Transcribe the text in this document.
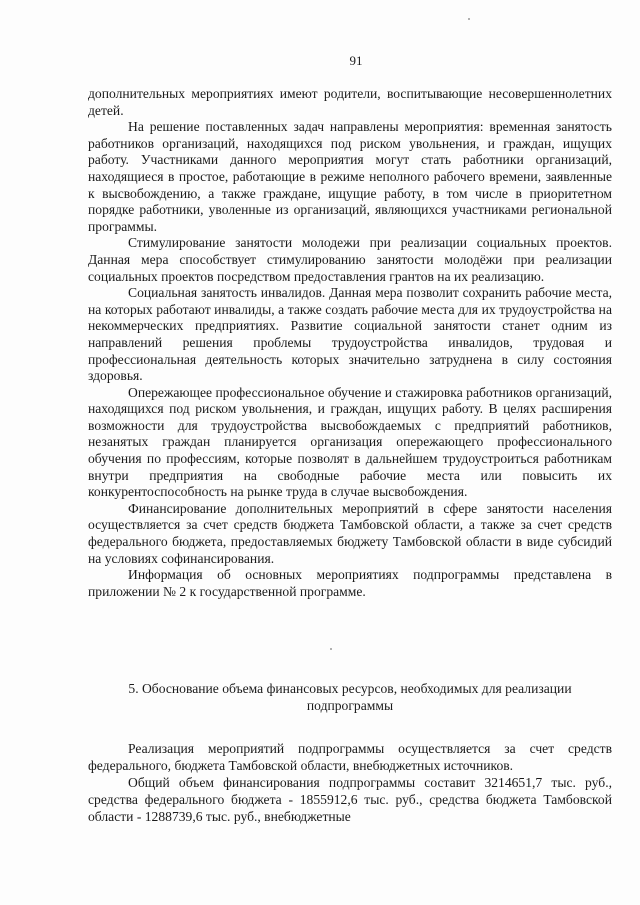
91

дополнительных мероприятиях имеют родители, воспитывающие несовершеннолетних детей.

На решение поставленных задач направлены мероприятия: временная занятость работников организаций, находящихся под риском увольнения, и граждан, ищущих работу. Участниками данного мероприятия могут стать работники организаций, находящиеся в простое, работающие в режиме неполного рабочего времени, заявленные к высвобождению, а также граждане, ищущие работу, в том числе в приоритетном порядке работники, уволенные из организаций, являющихся участниками региональной программы.

Стимулирование занятости молодежи при реализации социальных проектов. Данная мера способствует стимулированию занятости молодёжи при реализации социальных проектов посредством предоставления грантов на их реализацию.

Социальная занятость инвалидов. Данная мера позволит сохранить рабочие места, на которых работают инвалиды, а также создать рабочие места для их трудоустройства на некоммерческих предприятиях. Развитие социальной занятости станет одним из направлений решения проблемы трудоустройства инвалидов, трудовая и профессиональная деятельность которых значительно затруднена в силу состояния здоровья.

Опережающее профессиональное обучение и стажировка работников организаций, находящихся под риском увольнения, и граждан, ищущих работу. В целях расширения возможности для трудоустройства высвобождаемых с предприятий работников, незанятых граждан планируется организация опережающего профессионального обучения по профессиям, которые позволят в дальнейшем трудоустроиться работникам внутри предприятия на свободные рабочие места или повысить их конкурентоспособность на рынке труда в случае высвобождения.

Финансирование дополнительных мероприятий в сфере занятости населения осуществляется за счет средств бюджета Тамбовской области, а также за счет средств федерального бюджета, предоставляемых бюджету Тамбовской области в виде субсидий на условиях софинансирования.

Информация об основных мероприятиях подпрограммы представлена в приложении № 2 к государственной программе.

5. Обоснование объема финансовых ресурсов, необходимых для реализации подпрограммы

Реализация мероприятий подпрограммы осуществляется за счет средств федерального, бюджета Тамбовской области, внебюджетных источников.

Общий объем финансирования подпрограммы составит 3214651,7 тыс. руб., средства федерального бюджета - 1855912,6 тыс. руб., средства бюджета Тамбовской области - 1288739,6 тыс. руб., внебюджетные
